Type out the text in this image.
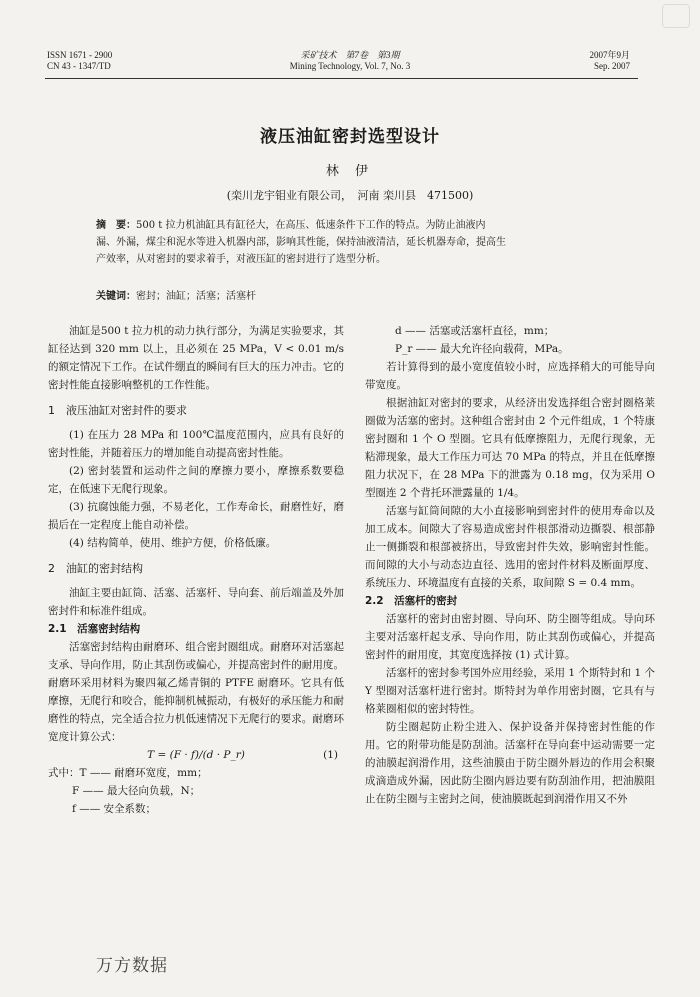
ISSN 1671 - 2900
CN 43 - 1347/TD
采矿技术　第7卷　第3期
Mining Technology, Vol. 7, No. 3
2007年9月
Sep. 2007
液压油缸密封选型设计
林 伊
(栾川龙宇钼业有限公司，　河南 栾川县　471500)

摘　要：500 t 拉力机油缸具有缸径大，在高压、低速条件下工作的特点。为防止油液内

漏、外漏，煤尘和泥水等进入机器内部，影响其性能，保持油液清洁，延长机器寿命，提高生

产效率，从对密封的要求着手，对液压缸的密封进行了选型分析。

关键词：密封；油缸；活塞；活塞杆

油缸是500 t 拉力机的动力执行部分，为满足实验要求，其缸径达到 320 mm 以上，且必须在 25 MPa，V < 0.01 m/s 的额定情况下工作。在试件绷直的瞬间有巨大的压力冲击。它的密封性能直接影响整机的工作性能。

1　液压油缸对密封件的要求

(1) 在压力 28 MPa 和 100℃温度范围内，应具有良好的密封性能，并随着压力的增加能自动提高密封性能。

(2) 密封装置和运动件之间的摩擦力要小，摩擦系数要稳定，在低速下无爬行现象。

(3) 抗腐蚀能力强，不易老化，工作寿命长，耐磨性好，磨损后在一定程度上能自动补偿。

(4) 结构简单，使用、维护方便，价格低廉。

2　油缸的密封结构

油缸主要由缸筒、活塞、活塞杆、导向套、前后端盖及外加密封件和标准件组成。

2.1　活塞密封结构

活塞密封结构由耐磨环、组合密封圈组成。耐磨环对活塞起支承、导向作用，防止其刮伤或偏心，并提高密封件的耐用度。耐磨环采用材料为聚四氟乙烯青铜的 PTFE 耐磨环。它具有低摩擦，无爬行和咬合，能抑制机械振动，有极好的承压能力和耐磨性的特点，完全适合拉力机低速情况下无爬行的要求。耐磨环宽度计算公式：

T = (F · f)/(d · P_r)	(1)

式中：T —— 耐磨环宽度，mm；

F —— 最大径向负载，N；

f —— 安全系数；

d —— 活塞或活塞杆直径，mm；

P_r —— 最大允许径向载荷，MPa。

若计算得到的最小宽度值较小时，应选择稍大的可能导向带宽度。

根据油缸对密封的要求，从经济出发选择组合密封圈格莱圈做为活塞的密封。这种组合密封由 2 个元件组成，1 个特康密封圈和 1 个 O 型圈。它具有低摩擦阻力，无爬行现象，无粘滞现象，最大工作压力可达 70 MPa 的特点，并且在低摩擦阻力状况下，在 28 MPa 下的泄露为 0.18 mg，仅为采用 O 型圈连 2 个背托环泄露量的 1/4。

活塞与缸筒间隙的大小直接影响到密封件的使用寿命以及加工成本。间隙大了容易造成密封件根部滑动边撕裂、根部静止一侧撕裂和根部被挤出，导致密封件失效，影响密封性能。而间隙的大小与动态边直径、选用的密封件材料及断面厚度、系统压力、环境温度有直接的关系，取间隙 S = 0.4 mm。

2.2　活塞杆的密封

活塞杆的密封由密封圈、导向环、防尘圈等组成。导向环主要对活塞杆起支承、导向作用，防止其刮伤或偏心，并提高密封件的耐用度，其宽度选择按 (1) 式计算。

活塞杆的密封参考国外应用经验，采用 1 个斯特封和 1 个 Y 型圈对活塞杆进行密封。斯特封为单作用密封圈，它具有与格莱圈相似的密封特性。

防尘圈起防止粉尘进入、保护设备并保持密封性能的作用。它的附带功能是防刮油。活塞杆在导向套中运动需要一定的油膜起润滑作用，这些油膜由于防尘圈外唇边的作用会积聚成滴造成外漏，因此防尘圈内唇边要有防刮油作用，把油膜阻止在防尘圈与主密封之间，使油膜既起到润滑作用又不外

万方数据
